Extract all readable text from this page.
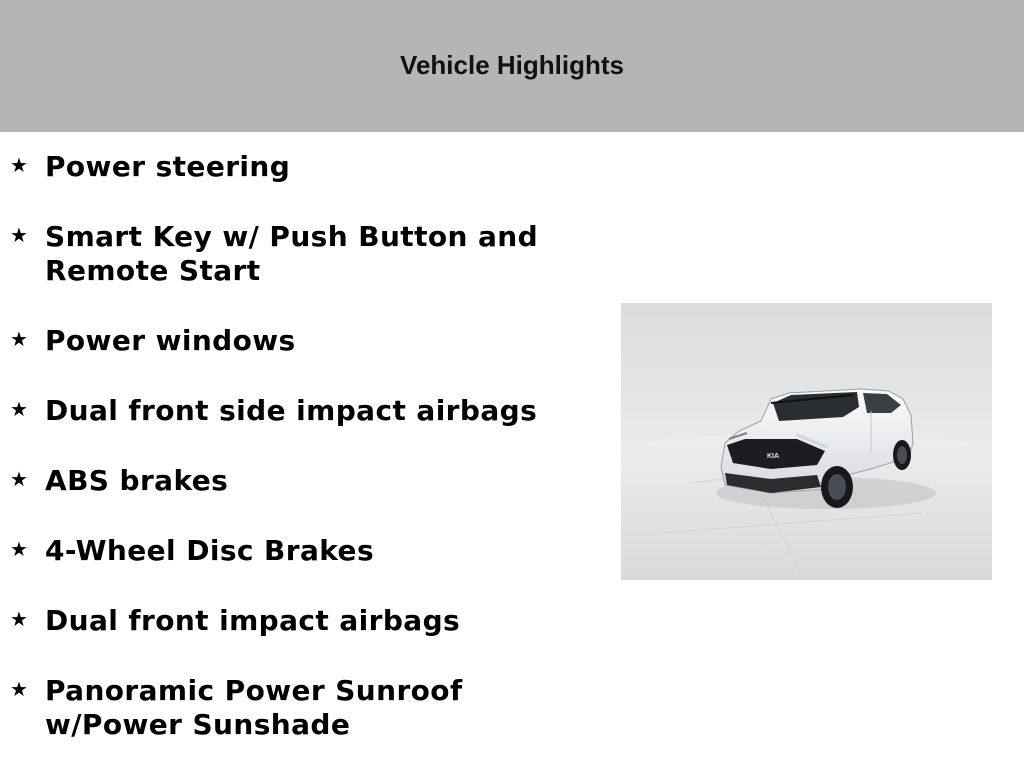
Vehicle Highlights
★ Power steering
★ Smart Key w/ Push Button and Remote Start
★ Power windows
★ Dual front side impact airbags
★ ABS brakes
★ 4-Wheel Disc Brakes
★ Dual front impact airbags
★ Panoramic Power Sunroof w/Power Sunshade
KIA
